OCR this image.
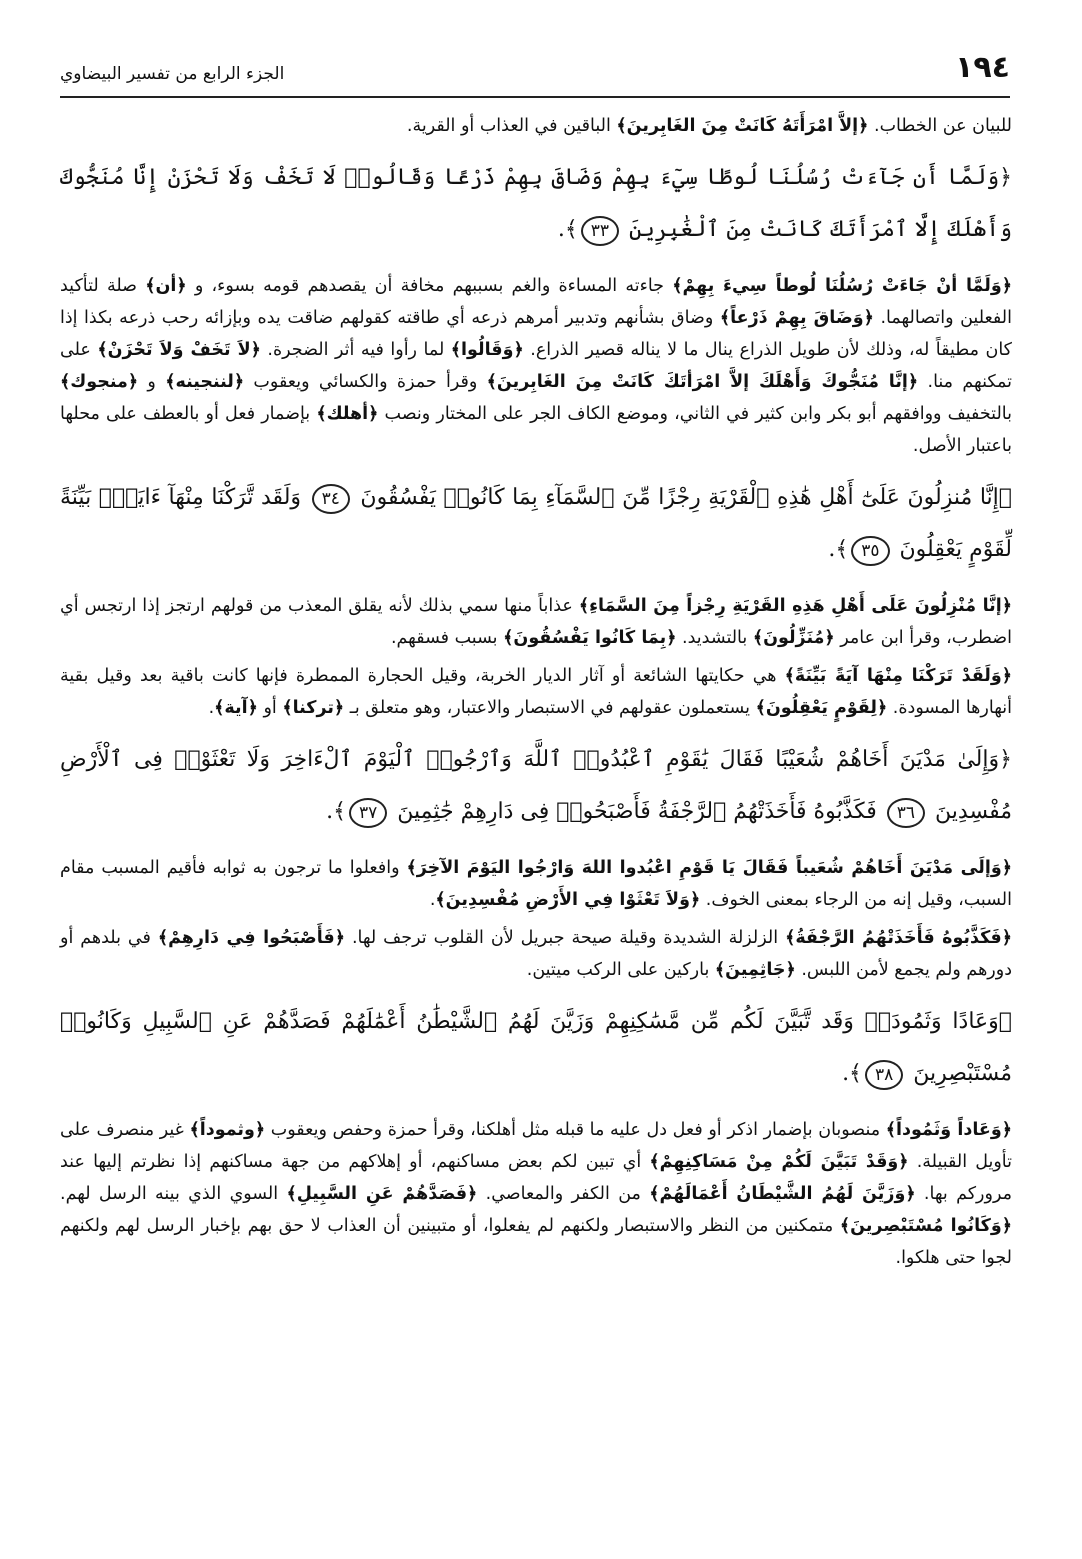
١٩٤
الجزء الرابع من تفسير البيضاوي

للبيان عن الخطاب. ﴿إلاَّ امْرَأَتَهُ كَانَتْ مِنَ الغَابِرينَ﴾ الباقين في العذاب أو القرية.

﴿وَلَمَّا أَن جَآءَتْ رُسُلُنَا لُوطًا سِيٓءَ بِهِمْ وَضَاقَ بِهِمْ ذَرْعًا وَقَالُوا۟ لَا تَخَفْ وَلَا تَحْزَنْ إِنَّا مُنَجُّوكَ وَأَهْلَكَ إِلَّا ٱمْرَأَتَكَ كَانَتْ مِنَ ٱلْغَٰبِرِينَ ٣٣﴾.

﴿وَلَمَّا أنْ جَاءَتْ رُسُلُنَا لُوطاً سِيءَ بِهِمْ﴾ جاءته المساءة والغم بسببهم مخافة أن يقصدهم قومه بسوء، و ﴿أن﴾ صلة لتأكيد الفعلين واتصالهما. ﴿وَضَاقَ بِهِمْ ذَرْعاً﴾ وضاق بشأنهم وتدبير أمرهم ذرعه أي طاقته كقولهم ضاقت يده وبإزائه رحب ذرعه بكذا إذا كان مطيقاً له، وذلك لأن طويل الذراع ينال ما لا يناله قصير الذراع. ﴿وَقَالُوا﴾ لما رأوا فيه أثر الضجرة. ﴿لاَ تَخَفْ وَلاَ تَحْزَنْ﴾ على تمكنهم منا. ﴿إنَّا مُنَجُّوكَ وَأَهْلَكَ إلاَّ امْرَأتَكَ كَانَتْ مِنَ الغَابِرينَ﴾ وقرأ حمزة والكسائي ويعقوب ﴿لننجينه﴾ و ﴿منجوك﴾ بالتخفيف ووافقهم أبو بكر وابن كثير في الثاني، وموضع الكاف الجر على المختار ونصب ﴿أهلك﴾ بإضمار فعل أو بالعطف على محلها باعتبار الأصل.

﴿إِنَّا مُنزِلُونَ عَلَىٰٓ أَهْلِ هَٰذِهِ ٱلْقَرْيَةِ رِجْزًا مِّنَ ٱلسَّمَآءِ بِمَا كَانُوا۟ يَفْسُقُونَ ٣٤ وَلَقَد تَّرَكْنَا مِنْهَآ ءَايَةًۢ بَيِّنَةً لِّقَوْمٍ يَعْقِلُونَ ٣٥﴾.

﴿إنَّا مُنْزِلُونَ عَلَى أَهْلِ هَذِهِ القَرْيَةِ رِجْزاً مِنَ السَّمَاءِ﴾ عذاباً منها سمي بذلك لأنه يقلق المعذب من قولهم ارتجز إذا ارتجس أي اضطرب، وقرأ ابن عامر ﴿مُنَزِّلُونَ﴾ بالتشديد. ﴿بِمَا كَانُوا يَفْسُقُونَ﴾ بسبب فسقهم.

﴿وَلَقَدْ تَرَكْنَا مِنْهَا آيَةً بَيِّنَةً﴾ هي حكايتها الشائعة أو آثار الديار الخربة، وقيل الحجارة الممطرة فإنها كانت باقية بعد وقيل بقية أنهارها المسودة. ﴿لِقَوْمٍ يَعْقِلُونَ﴾ يستعملون عقولهم في الاستبصار والاعتبار، وهو متعلق بـ ﴿تركنا﴾ أو ﴿آية﴾.

﴿وَإِلَىٰ مَدْيَنَ أَخَاهُمْ شُعَيْبًا فَقَالَ يَٰقَوْمِ ٱعْبُدُوا۟ ٱللَّهَ وَٱرْجُوا۟ ٱلْيَوْمَ ٱلْءَاخِرَ وَلَا تَعْثَوْا۟ فِى ٱلْأَرْضِ مُفْسِدِينَ ٣٦ فَكَذَّبُوهُ فَأَخَذَتْهُمُ ٱلرَّجْفَةُ فَأَصْبَحُوا۟ فِى دَارِهِمْ جَٰثِمِينَ ٣٧﴾.

﴿وَإلَى مَدْيَنَ أَخَاهُمْ شُعَيباً فَقَالَ يَا قَوْمِ اعْبُدوا اللهَ وَارْجُوا اليَوْمَ الآخِرَ﴾ وافعلوا ما ترجون به ثوابه فأقيم المسبب مقام السبب، وقيل إنه من الرجاء بمعنى الخوف. ﴿وَلاَ تَعْثَوْا فِي الأَرْضِ مُفْسِدِينَ﴾.

﴿فَكَذَّبُوهُ فَأَخَذَتْهُمُ الرَّجْفَةُ﴾ الزلزلة الشديدة وقيلة صيحة جبريل لأن القلوب ترجف لها. ﴿فَأَصْبَحُوا فِي دَارِهِمْ﴾ في بلدهم أو دورهم ولم يجمع لأمن اللبس. ﴿جَاثِمِينَ﴾ باركين على الركب ميتين.

﴿وَعَادًا وَثَمُودَا۟ وَقَد تَّبَيَّنَ لَكُم مِّن مَّسَٰكِنِهِمْ وَزَيَّنَ لَهُمُ ٱلشَّيْطَٰنُ أَعْمَٰلَهُمْ فَصَدَّهُمْ عَنِ ٱلسَّبِيلِ وَكَانُوا۟ مُسْتَبْصِرِينَ ٣٨﴾.

﴿وَعَاداً وَثَمُوداً﴾ منصوبان بإضمار اذكر أو فعل دل عليه ما قبله مثل أهلكنا، وقرأ حمزة وحفص ويعقوب ﴿وثموداً﴾ غير منصرف على تأويل القبيلة. ﴿وَقَدْ تَبَيَّنَ لَكُمْ مِنْ مَسَاكِنِهِمْ﴾ أي تبين لكم بعض مساكنهم، أو إهلاكهم من جهة مساكنهم إذا نظرتم إليها عند مروركم بها. ﴿وَزَيَّنَ لَهُمُ الشَّيْطَانُ أَعْمَالَهُمْ﴾ من الكفر والمعاصي. ﴿فَصَدَّهُمْ عَنِ السَّبِيلِ﴾ السوي الذي بينه الرسل لهم. ﴿وَكَانُوا مُسْتَبْصِرينَ﴾ متمكنين من النظر والاستبصار ولكنهم لم يفعلوا، أو متبينين أن العذاب لا حق بهم بإخبار الرسل لهم ولكنهم لجوا حتى هلكوا.
